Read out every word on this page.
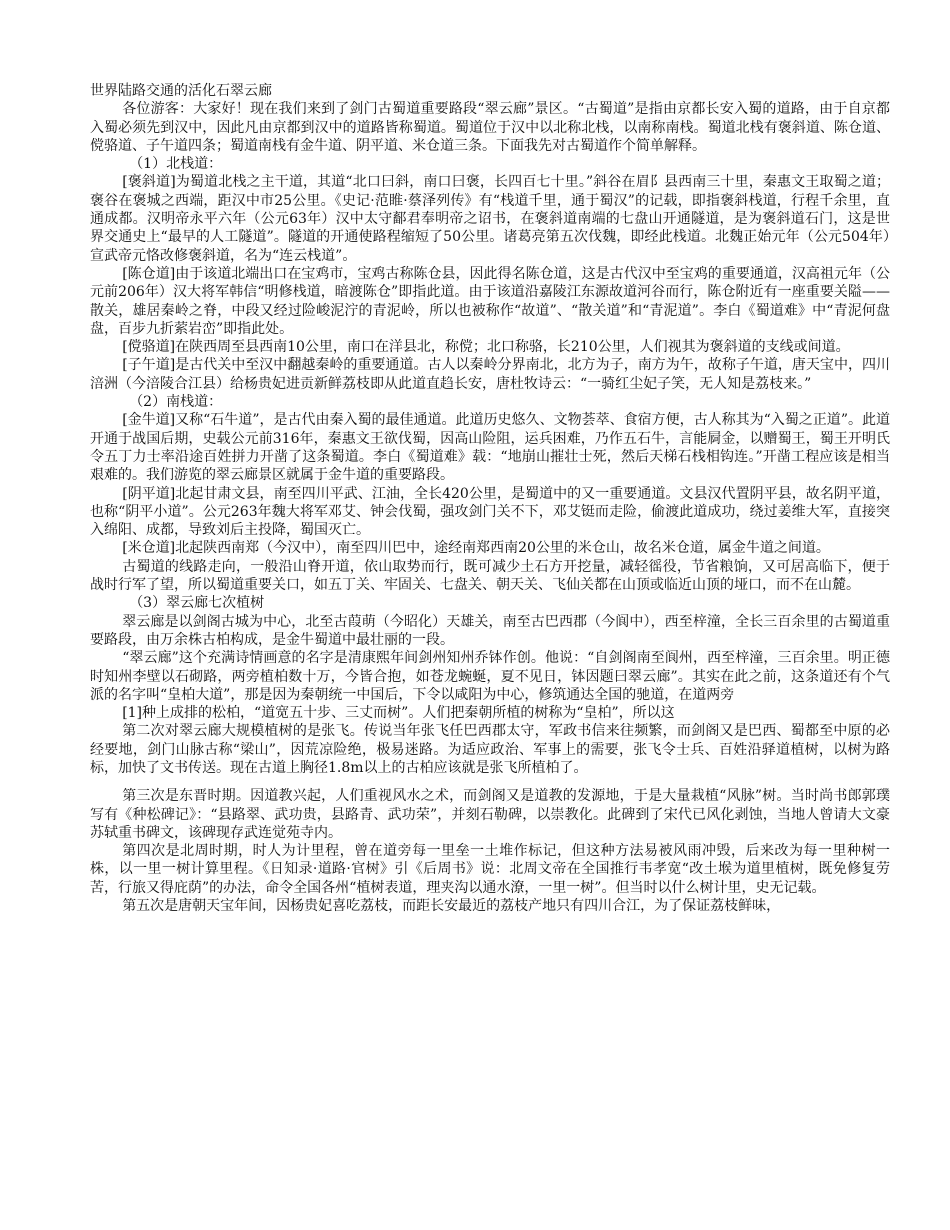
世界陆路交通的活化石翠云廊

各位游客：大家好！现在我们来到了剑门古蜀道重要路段“翠云廊”景区。“古蜀道”是指由京都长安入蜀的道路，由于自京都入蜀必须先到汉中，因此凡由京都到汉中的道路皆称蜀道。蜀道位于汉中以北称北栈，以南称南栈。蜀道北栈有褒斜道、陈仓道、傥骆道、子午道四条；蜀道南栈有金牛道、阴平道、米仓道三条。下面我先对古蜀道作个简单解释。

（1）北栈道：

[褒斜道]为蜀道北栈之主干道，其道“北口曰斜，南口曰褒，长四百七十里。”斜谷在眉阝县西南三十里，秦惠文王取蜀之道；褒谷在褒城之西端，距汉中市25公里。《史记·范睢·蔡泽列传》有“栈道千里，通于蜀汉”的记载，即指褒斜栈道，行程千余里，直通成都。汉明帝永平六年（公元63年）汉中太守鄐君奉明帝之诏书，在褒斜道南端的七盘山开通隧道，是为褒斜道石门，这是世界交通史上“最早的人工隧道”。隧道的开通使路程缩短了50公里。诸葛亮第五次伐魏，即经此栈道。北魏正始元年（公元504年）宣武帝元恪改修褒斜道，名为“连云栈道”。

[陈仓道]由于该道北端出口在宝鸡市，宝鸡古称陈仓县，因此得名陈仓道，这是古代汉中至宝鸡的重要通道，汉高祖元年（公元前206年）汉大将军韩信“明修栈道，暗渡陈仓”即指此道。由于该道沿嘉陵江东源故道河谷而行，陈仓附近有一座重要关隘——散关，雄居秦岭之脊，中段又经过险峻泥泞的青泥岭，所以也被称作“故道”、“散关道”和“青泥道”。李白《蜀道难》中“青泥何盘盘，百步九折萦岩峦”即指此处。

[傥骆道]在陕西周至县西南10公里，南口在洋县北，称傥；北口称骆，长210公里，人们视其为褒斜道的支线或间道。

[子午道]是古代关中至汉中翻越秦岭的重要通道。古人以秦岭分界南北，北方为子，南方为午，故称子午道，唐天宝中，四川涪洲（今涪陵合江县）给杨贵妃进贡新鲜荔枝即从此道直趋长安，唐杜牧诗云：“一骑红尘妃子笑，无人知是荔枝来。”

（2）南栈道：

[金牛道]又称“石牛道”，是古代由秦入蜀的最佳通道。此道历史悠久、文物荟萃、食宿方便，古人称其为“入蜀之正道”。此道开通于战国后期，史载公元前316年，秦惠文王欲伐蜀，因高山险阻，运兵困难，乃作五石牛，言能屙金，以赠蜀王，蜀王开明氏令五丁力士率沿途百姓拼力开凿了这条蜀道。李白《蜀道难》载：“地崩山摧壮士死，然后天梯石栈相钩连。”开凿工程应该是相当艰难的。我们游览的翠云廊景区就属于金牛道的重要路段。

[阴平道]北起甘肃文县，南至四川平武、江油，全长420公里，是蜀道中的又一重要通道。文县汉代置阴平县，故名阴平道，也称“阴平小道”。公元263年魏大将军邓艾、钟会伐蜀，强攻剑门关不下，邓艾铤而走险，偷渡此道成功，绕过姜维大军，直接突入绵阳、成都，导致刘后主投降，蜀国灭亡。

[米仓道]北起陕西南郑（今汉中），南至四川巴中，途经南郑西南20公里的米仓山，故名米仓道，属金牛道之间道。

古蜀道的线路走向，一般沿山脊开道，依山取势而行，既可减少土石方开挖量，减轻徭役，节省粮饷，又可居高临下，便于战时行军了望，所以蜀道重要关口，如五丁关、牢固关、七盘关、朝天关、飞仙关都在山顶或临近山顶的垭口，而不在山麓。

（3）翠云廊七次植树

翠云廊是以剑阁古城为中心，北至古葭萌（今昭化）天雄关，南至古巴西郡（今阆中），西至梓潼，全长三百余里的古蜀道重要路段，由万余株古柏构成，是金牛蜀道中最壮丽的一段。

“翠云廊”这个充满诗情画意的名字是清康熙年间剑州知州乔钵作创。他说：“自剑阁南至阆州，西至梓潼，三百余里。明正德时知州李壁以石砌路，两旁植柏数十万，今皆合抱，如苍龙蜿蜒，夏不见日，钵因题曰翠云廊”。其实在此之前，这条道还有个气派的名字叫“皇柏大道”，那是因为秦朝统一中国后，下令以咸阳为中心，修筑通达全国的驰道，在道两旁

[1]种上成排的松柏，“道宽五十步、三丈而树”。人们把秦朝所植的树称为“皇柏”，所以这

第二次对翠云廊大规模植树的是张飞。传说当年张飞任巴西郡太守，军政书信来往频繁，而剑阁又是巴西、蜀都至中原的必经要地，剑门山脉古称“梁山”，因荒凉险绝，极易迷路。为适应政治、军事上的需要，张飞令士兵、百姓沿驿道植树，以树为路标，加快了文书传送。现在古道上胸径1.8m以上的古柏应该就是张飞所植柏了。

第三次是东晋时期。因道教兴起，人们重视风水之术，而剑阁又是道教的发源地，于是大量栽植“风脉”树。当时尚书郎郭璞写有《种松碑记》：“县路翠、武功贵，县路青、武功荣”，并刻石勒碑，以崇教化。此碑到了宋代已风化剥蚀，当地人曾请大文豪苏轼重书碑文，该碑现存武连觉苑寺内。

第四次是北周时期，时人为计里程，曾在道旁每一里垒一土堆作标记，但这种方法易被风雨冲毁，后来改为每一里种树一株，以一里一树计算里程。《日知录·道路·官树》引《后周书》说：北周文帝在全国推行韦孝宽“改土堠为道里植树，既免修复劳苦，行旅又得庇荫”的办法，命令全国各州“植树表道，理夹沟以通水潦，一里一树”。但当时以什么树计里，史无记载。

第五次是唐朝天宝年间，因杨贵妃喜吃荔枝，而距长安最近的荔枝产地只有四川合江，为了保证荔枝鲜味，
